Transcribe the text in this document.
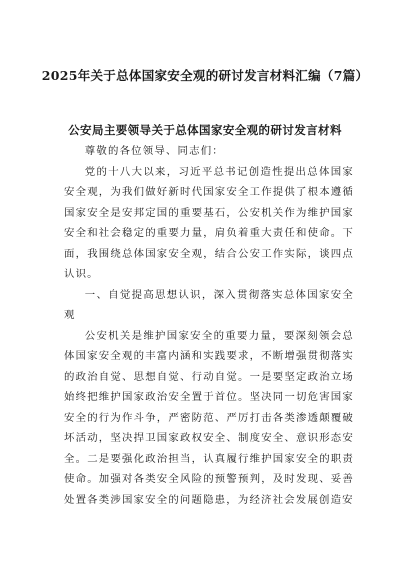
2025年关于总体国家安全观的研讨发言材料汇编（7篇）
公安局主要领导关于总体国家安全观的研讨发言材料

尊敬的各位领导、同志们：

党的十八大以来，习近平总书记创造性提出总体国家安全观，为我们做好新时代国家安全工作提供了根本遵循国家安全是安邦定国的重要基石，公安机关作为维护国家安全和社会稳定的重要力量，肩负着重大责任和使命。下面，我围绕总体国家安全观，结合公安工作实际，谈四点认识。

一、自觉提高思想认识，深入贯彻落实总体国家安全观

公安机关是维护国家安全的重要力量，要深刻领会总体国家安全观的丰富内涵和实践要求，不断增强贯彻落实的政治自觉、思想自觉、行动自觉。一是要坚定政治立场始终把维护国家政治安全置于首位。坚决同一切危害国家安全的行为作斗争，严密防范、严厉打击各类渗透颠覆破坏活动，坚决捍卫国家政权安全、制度安全、意识形态安全。二是要强化政治担当，认真履行维护国家安全的职责使命。加强对各类安全风险的预警预判，及时发现、妥善处置各类涉国家安全的问题隐患，为经济社会发展创造安
